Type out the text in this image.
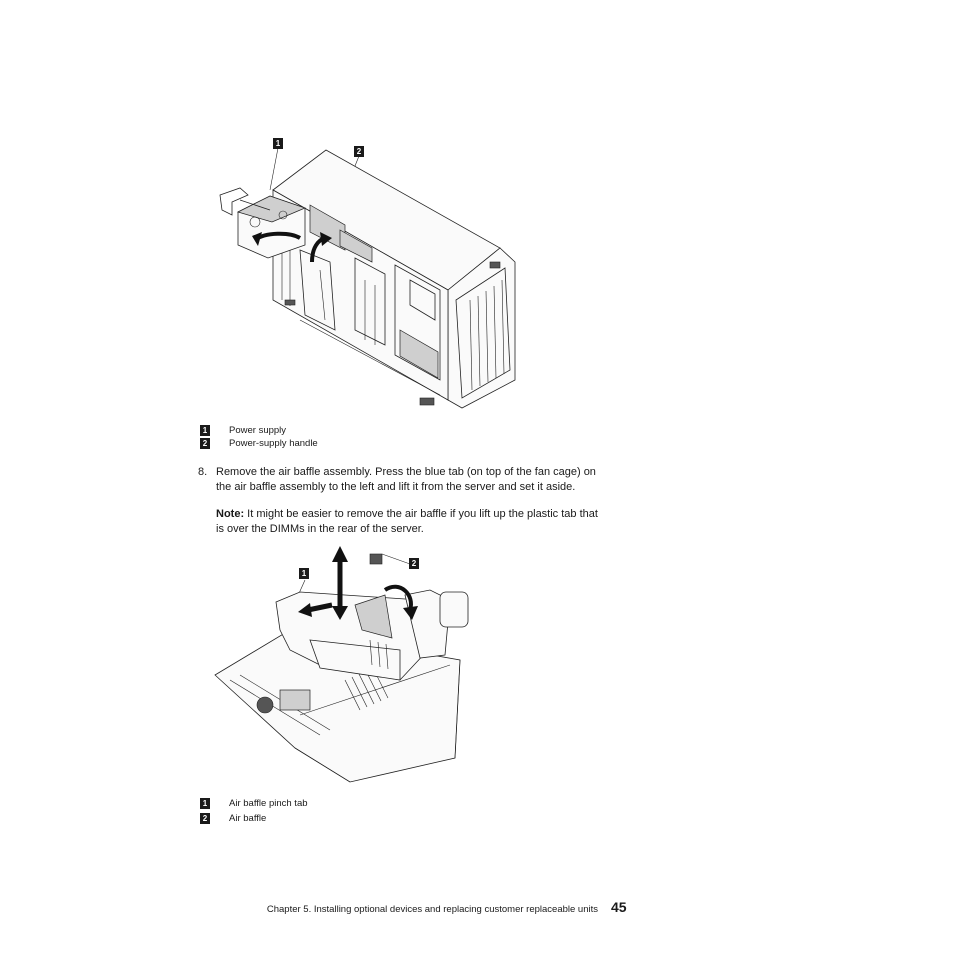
1
2
1 Power supply
2 Power-supply handle
8. Remove the air baffle assembly. Press the blue tab (on top of the fan cage) on
the air baffle assembly to the left and lift it from the server and set it aside.
Note: It might be easier to remove the air baffle if you lift up the plastic tab that
is over the DIMMs in the rear of the server.
1
2
1 Air baffle pinch tab
2 Air baffle
Chapter 5. Installing optional devices and replacing customer replaceable units 45
